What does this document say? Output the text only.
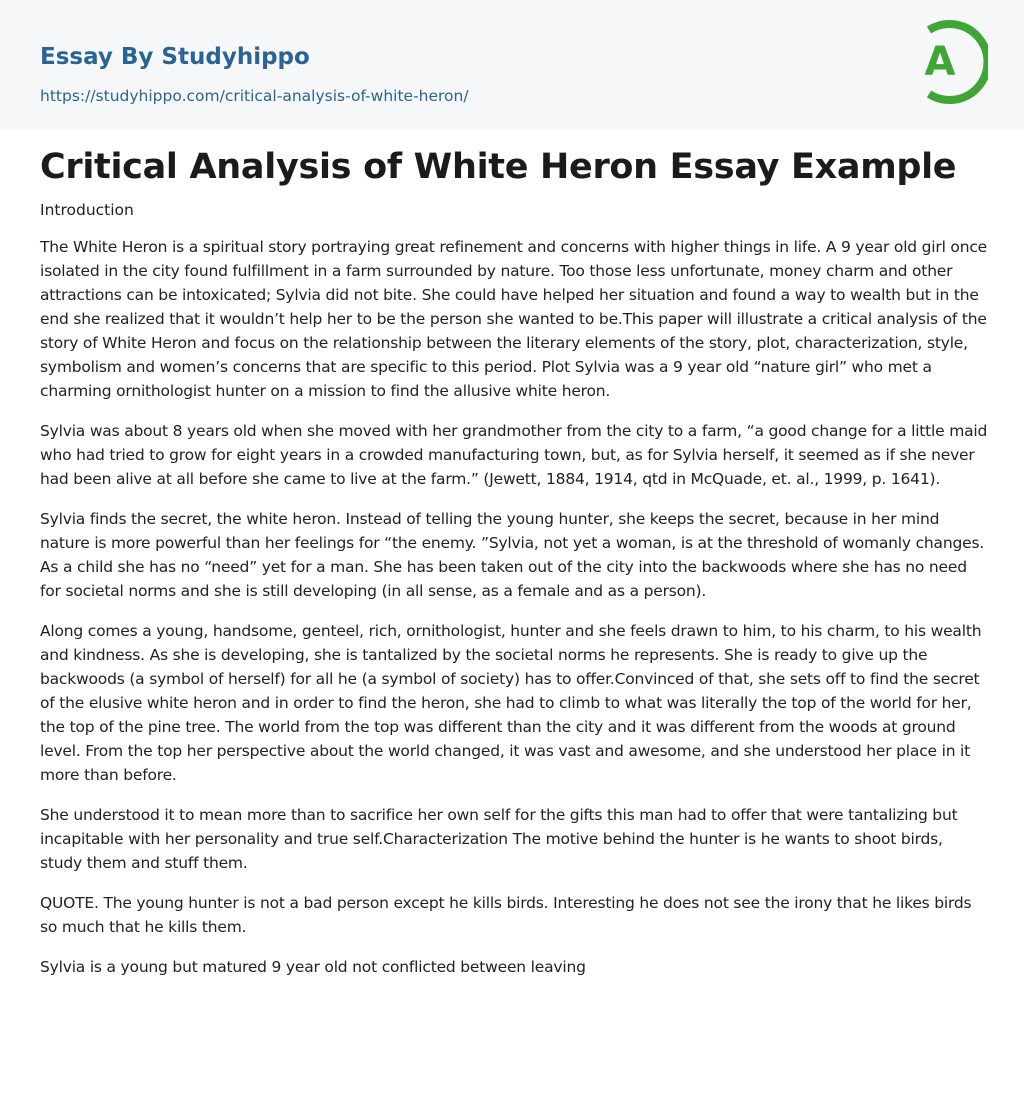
Essay By Studyhippo
https://studyhippo.com/critical-analysis-of-white-heron/
A
Critical Analysis of White Heron Essay Example

Introduction

The White Heron is a spiritual story portraying great refinement and concerns with higher things in life. A 9 year old girl once isolated in the city found fulfillment in a farm surrounded by nature. Too those less unfortunate, money charm and other attractions can be intoxicated; Sylvia did not bite. She could have helped her situation and found a way to wealth but in the end she realized that it wouldn’t help her to be the person she wanted to be.This paper will illustrate a critical analysis of the story of White Heron and focus on the relationship between the literary elements of the story, plot, characterization, style, symbolism and women’s concerns that are specific to this period. Plot Sylvia was a 9 year old “nature girl” who met a charming ornithologist hunter on a mission to find the allusive white heron.

Sylvia was about 8 years old when she moved with her grandmother from the city to a farm, “a good change for a little maid who had tried to grow for eight years in a crowded manufacturing town, but, as for Sylvia herself, it seemed as if she never had been alive at all before she came to live at the farm.” (Jewett, 1884, 1914, qtd in McQuade, et. al., 1999, p. 1641).

Sylvia finds the secret, the white heron. Instead of telling the young hunter, she keeps the secret, because in her mind nature is more powerful than her feelings for “the enemy. ”Sylvia, not yet a woman, is at the threshold of womanly changes. As a child she has no “need” yet for a man. She has been taken out of the city into the backwoods where she has no need for societal norms and she is still developing (in all sense, as a female and as a person).

Along comes a young, handsome, genteel, rich, ornithologist, hunter and she feels drawn to him, to his charm, to his wealth and kindness. As she is developing, she is tantalized by the societal norms he represents. She is ready to give up the backwoods (a symbol of herself) for all he (a symbol of society) has to offer.Convinced of that, she sets off to find the secret of the elusive white heron and in order to find the heron, she had to climb to what was literally the top of the world for her, the top of the pine tree. The world from the top was different than the city and it was different from the woods at ground level. From the top her perspective about the world changed, it was vast and awesome, and she understood her place in it more than before.

She understood it to mean more than to sacrifice her own self for the gifts this man had to offer that were tantalizing but incapitable with her personality and true self.Characterization The motive behind the hunter is he wants to shoot birds, study them and stuff them.

QUOTE. The young hunter is not a bad person except he kills birds. Interesting he does not see the irony that he likes birds so much that he kills them.

Sylvia is a young but matured 9 year old not conflicted between leaving
